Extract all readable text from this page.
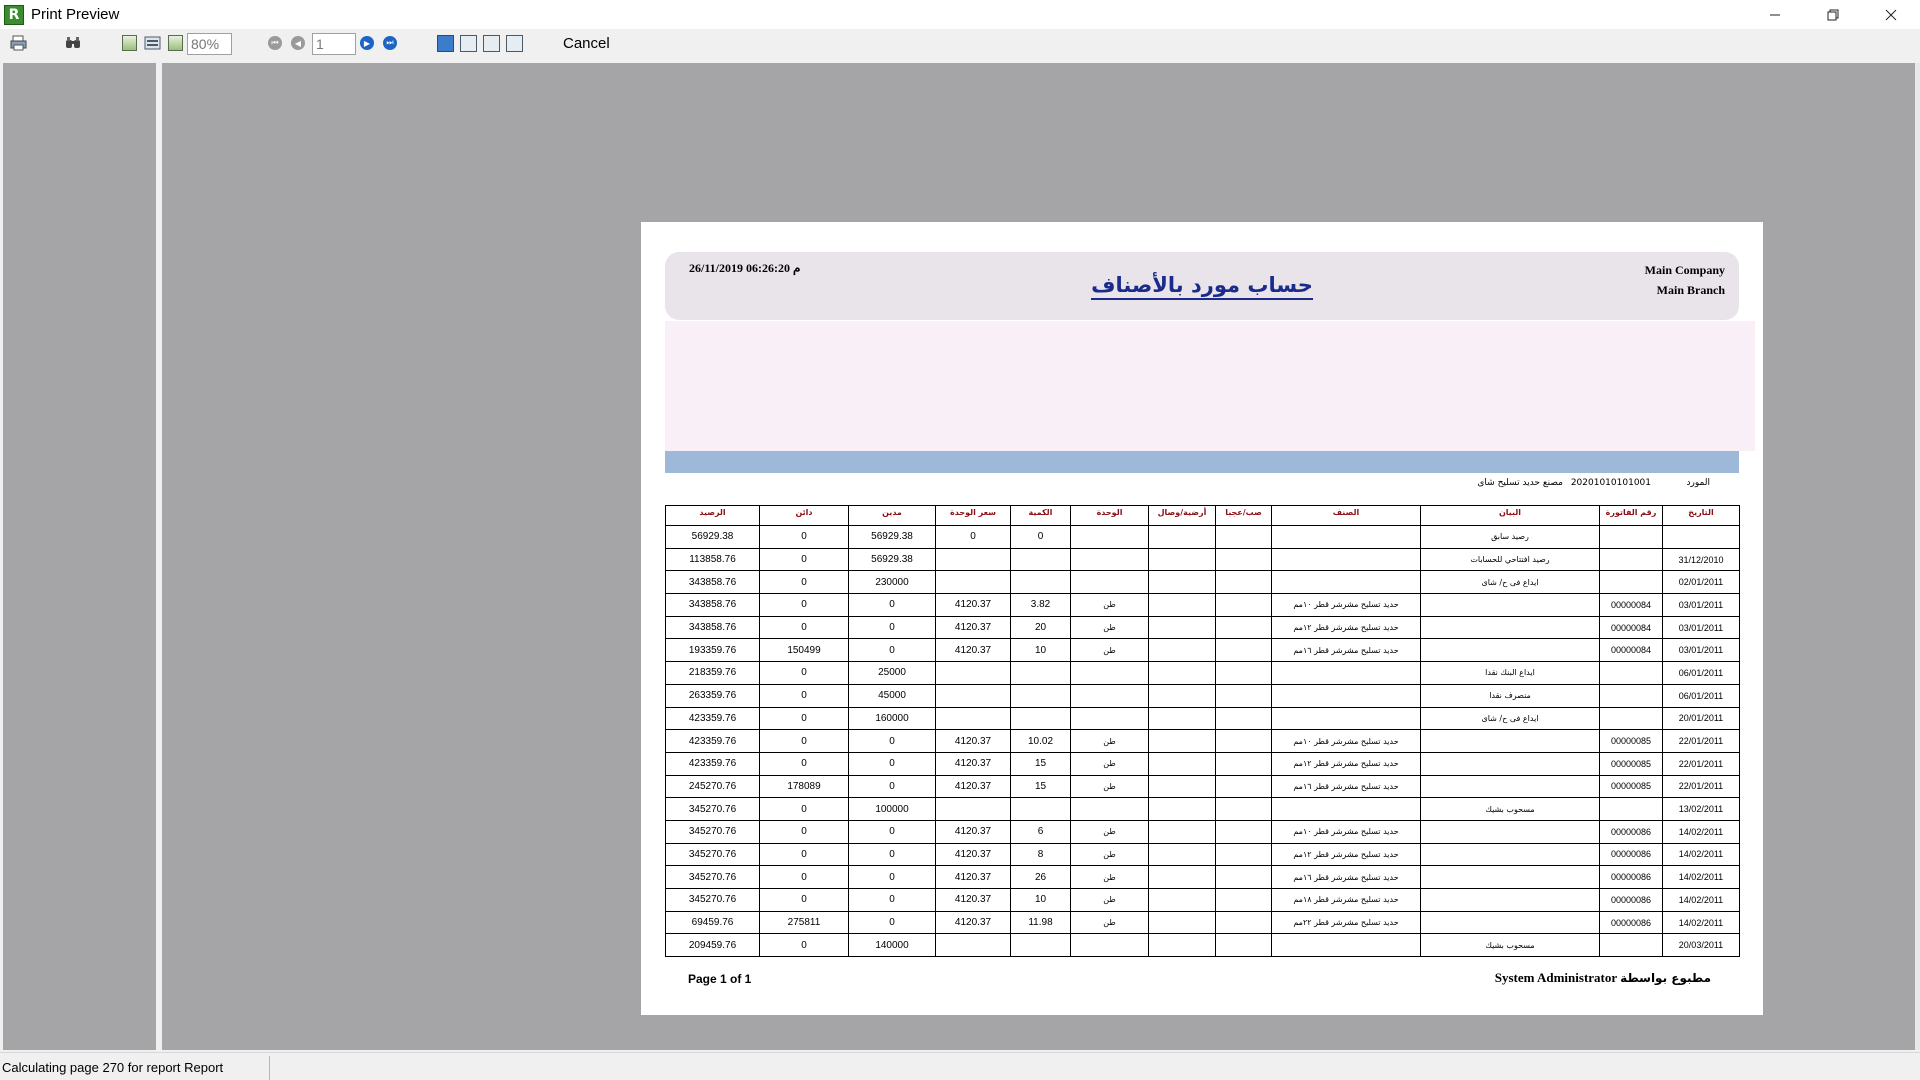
R Print Preview
80%	⏮	◀ 1	▶	⏭	Cancel
Main Company
Main Branch
26/11/2019 06:26:20 م
حساب مورد بالأصناف
المورد
20201010101001
مصنع حديد تسليح شاى
الرصيد	دائن	مدين	سعر الوحدة	الكمية	الوحدة	أرضية/وصال	صب/عجبا	الصنف	البيان	رقم الفاتورة	التاريخ
56929.38	0	56929.38	0	0					رصيد سابق		
113858.76	0	56929.38							رصيد افتتاحي للحسابات		31/12/2010
343858.76	0	230000							ايداع فى ح/ شاى		02/01/2011
343858.76	0	0	4120.37	3.82	طن			حديد تسليح مشرشر قطر ١٠مم		00000084	03/01/2011
343858.76	0	0	4120.37	20	طن			حديد تسليح مشرشر قطر ١٢مم		00000084	03/01/2011
193359.76	150499	0	4120.37	10	طن			حديد تسليح مشرشر قطر ١٦مم		00000084	03/01/2011
218359.76	0	25000							ايداع البنك نقدا		06/01/2011
263359.76	0	45000							منصرف نقدا		06/01/2011
423359.76	0	160000							ايداع فى ح/ شاى		20/01/2011
423359.76	0	0	4120.37	10.02	طن			حديد تسليح مشرشر قطر ١٠مم		00000085	22/01/2011
423359.76	0	0	4120.37	15	طن			حديد تسليح مشرشر قطر ١٢مم		00000085	22/01/2011
245270.76	178089	0	4120.37	15	طن			حديد تسليح مشرشر قطر ١٦مم		00000085	22/01/2011
345270.76	0	100000							مسحوب بشيك		13/02/2011
345270.76	0	0	4120.37	6	طن			حديد تسليح مشرشر قطر ١٠مم		00000086	14/02/2011
345270.76	0	0	4120.37	8	طن			حديد تسليح مشرشر قطر ١٢مم		00000086	14/02/2011
345270.76	0	0	4120.37	26	طن			حديد تسليح مشرشر قطر ١٦مم		00000086	14/02/2011
345270.76	0	0	4120.37	10	طن			حديد تسليح مشرشر قطر ١٨مم		00000086	14/02/2011
69459.76	275811	0	4120.37	11.98	طن			حديد تسليح مشرشر قطر ٢٢مم		00000086	14/02/2011
209459.76	0	140000							مسحوب بشيك		20/03/2011
Page 1 of 1	System Administrator مطبوع بواسطة
Calculating page 270 for report Report
